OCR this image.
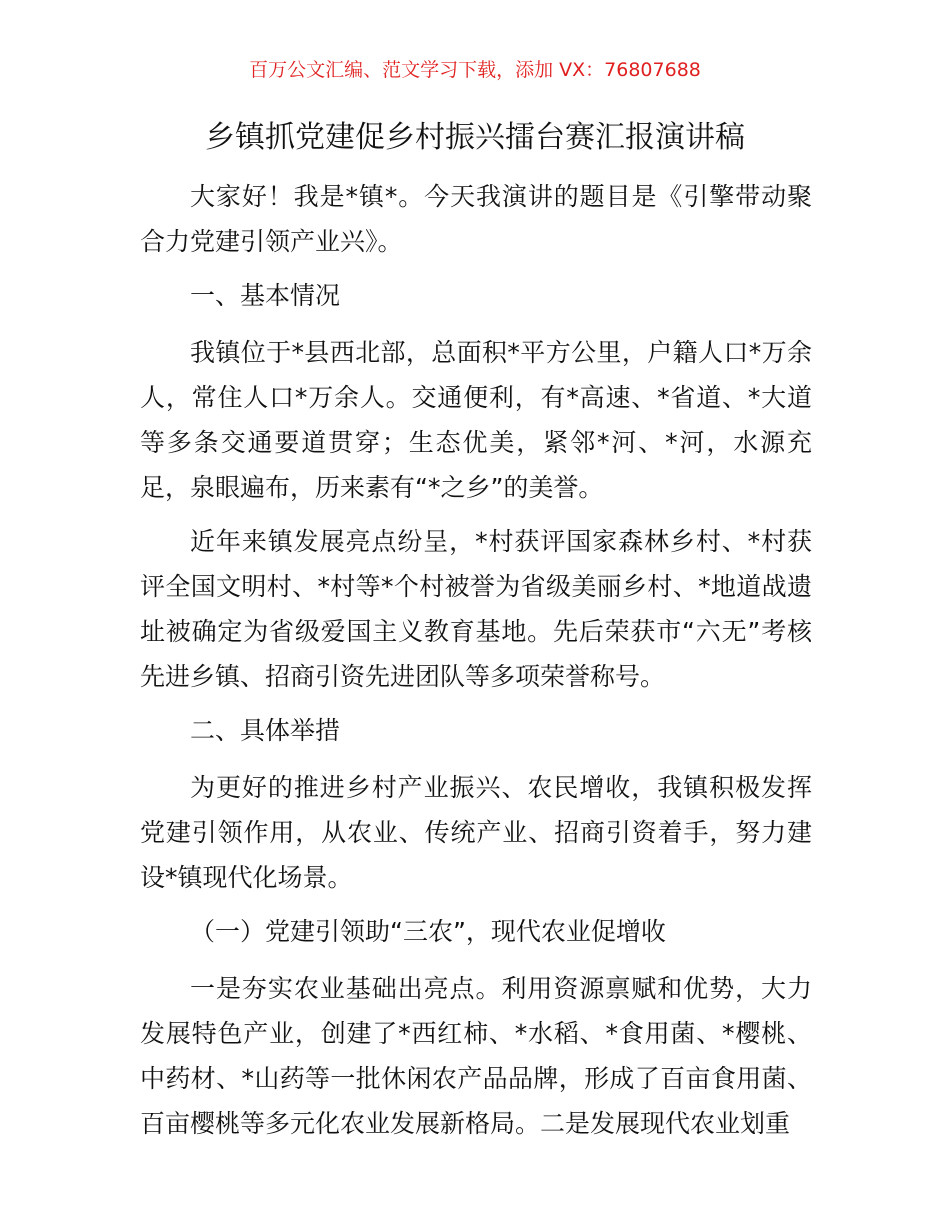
百万公文汇编、范文学习下载，添加 VX：76807688
乡镇抓党建促乡村振兴擂台赛汇报演讲稿

大家好！我是*镇*。今天我演讲的题目是《引擎带动聚合力党建引领产业兴》。

一、基本情况

我镇位于*县西北部，总面积*平方公里，户籍人口*万余人，常住人口*万余人。交通便利，有*高速、*省道、*大道等多条交通要道贯穿；生态优美，紧邻*河、*河，水源充足，泉眼遍布，历来素有“*之乡”的美誉。

近年来镇发展亮点纷呈，*村获评国家森林乡村、*村获评全国文明村、*村等*个村被誉为省级美丽乡村、*地道战遗址被确定为省级爱国主义教育基地。先后荣获市“六无”考核先进乡镇、招商引资先进团队等多项荣誉称号。

二、具体举措

为更好的推进乡村产业振兴、农民增收，我镇积极发挥党建引领作用，从农业、传统产业、招商引资着手，努力建设*镇现代化场景。

（一）党建引领助“三农”，现代农业促增收

一是夯实农业基础出亮点。利用资源禀赋和优势，大力发展特色产业，创建了*西红柿、*水稻、*食用菌、*樱桃、中药材、*山药等一批休闲农产品品牌，形成了百亩食用菌、百亩樱桃等多元化农业发展新格局。二是发展现代农业划重
